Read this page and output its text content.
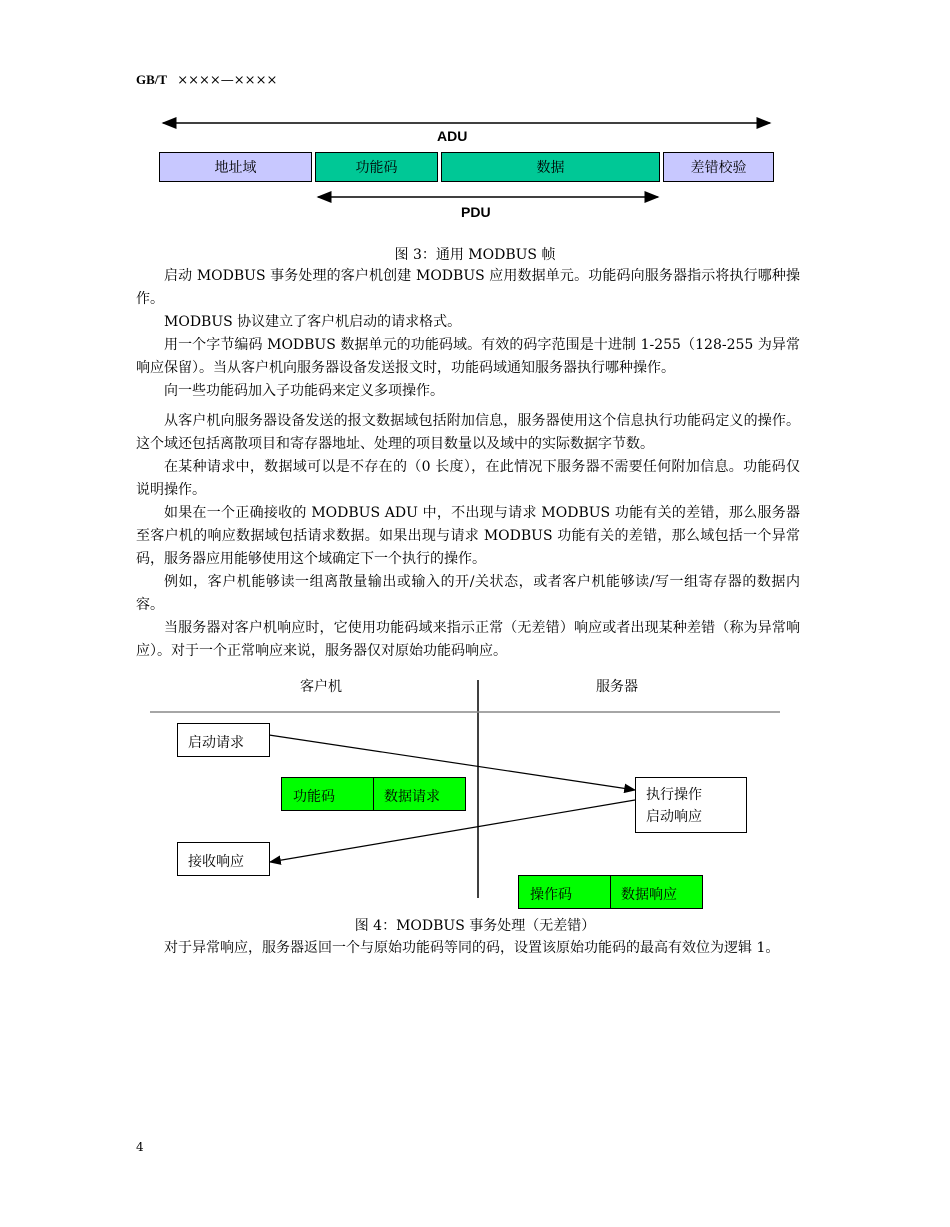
GB/T ××××—××××
ADU
地址域	功能码	数据	差错校验
PDU
图 3：通用 MODBUS 帧

启动 MODBUS 事务处理的客户机创建 MODBUS 应用数据单元。功能码向服务器指示将执行哪种操作。

MODBUS 协议建立了客户机启动的请求格式。

用一个字节编码 MODBUS 数据单元的功能码域。有效的码字范围是十进制 1-255（128-255 为异常响应保留）。当从客户机向服务器设备发送报文时，功能码域通知服务器执行哪种操作。

向一些功能码加入子功能码来定义多项操作。

从客户机向服务器设备发送的报文数据域包括附加信息，服务器使用这个信息执行功能码定义的操作。这个域还包括离散项目和寄存器地址、处理的项目数量以及域中的实际数据字节数。

在某种请求中，数据域可以是不存在的（0 长度），在此情况下服务器不需要任何附加信息。功能码仅说明操作。

如果在一个正确接收的 MODBUS ADU 中，不出现与请求 MODBUS 功能有关的差错，那么服务器至客户机的响应数据域包括请求数据。如果出现与请求 MODBUS 功能有关的差错，那么域包括一个异常码，服务器应用能够使用这个域确定下一个执行的操作。

例如，客户机能够读一组离散量输出或输入的开/关状态，或者客户机能够读/写一组寄存器的数据内容。

当服务器对客户机响应时，它使用功能码域来指示正常（无差错）响应或者出现某种差错（称为异常响应）。对于一个正常响应来说，服务器仅对原始功能码响应。

客户机	服务器
启动请求
接收响应
功能码	数据请求	执行操作
启动响应
操作码	数据响应
图 4：MODBUS 事务处理（无差错）

对于异常响应，服务器返回一个与原始功能码等同的码，设置该原始功能码的最高有效位为逻辑 1。

4
